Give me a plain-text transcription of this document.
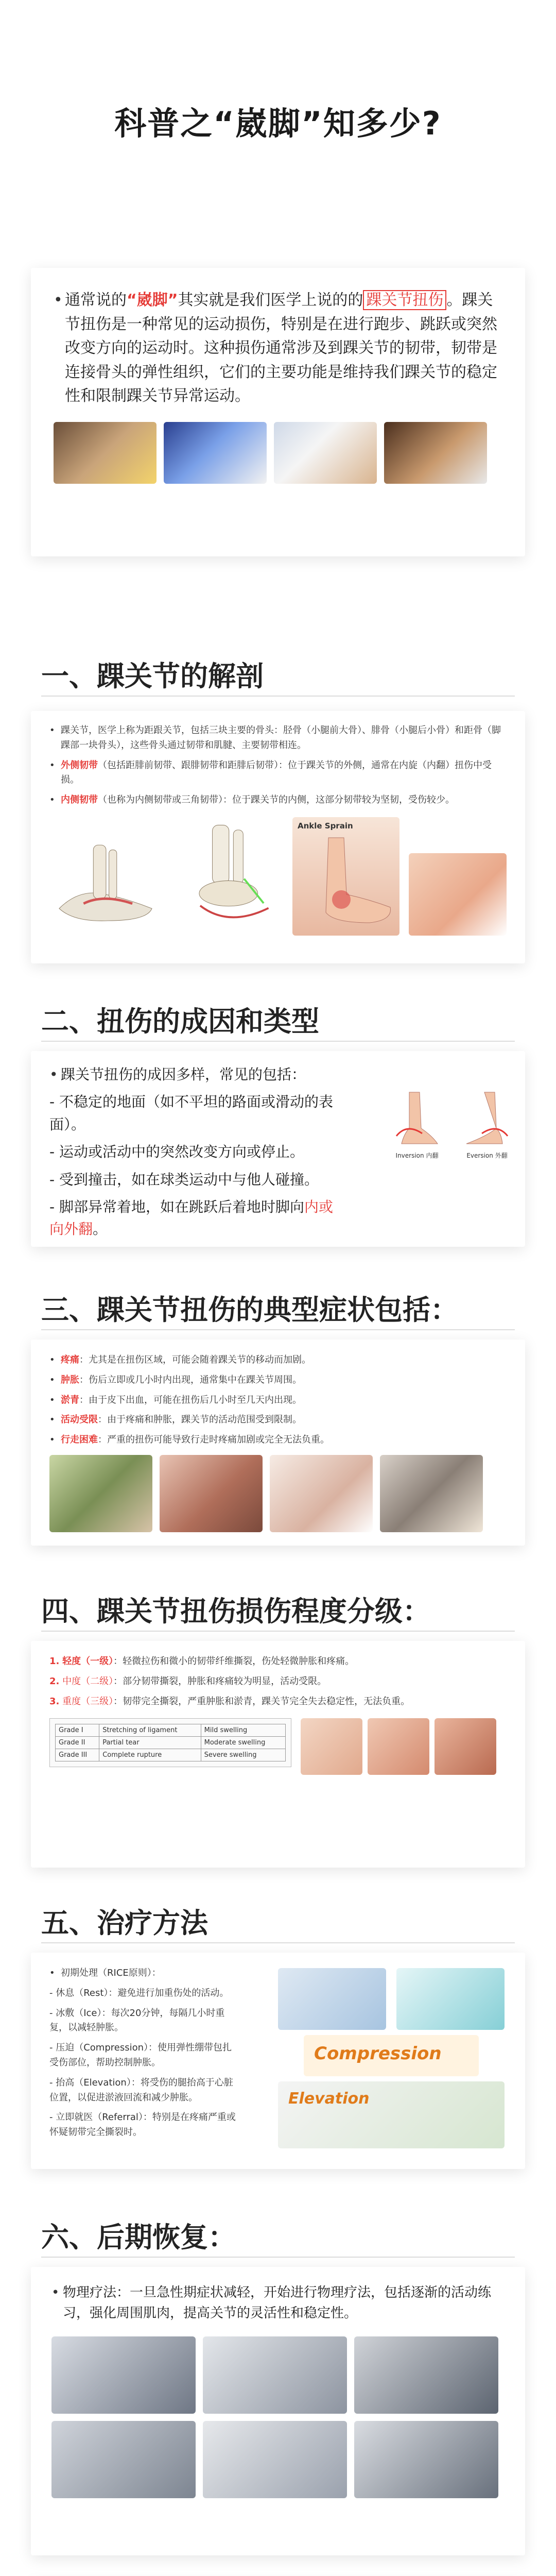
科普之“崴脚”知多少?
• 通常说的“崴脚”其实就是我们医学上说的的 踝关节扭伤 。踝关节扭伤是一种常见的运动损伤，特别是在进行跑步、跳跃或突然改变方向的运动时。这种损伤通常涉及到踝关节的韧带，韧带是连接骨头的弹性组织，它们的主要功能是维持我们踝关节的稳定性和限制踝关节异常运动。
一、踝关节的解剖
• 踝关节，医学上称为距跟关节，包括三块主要的骨头：胫骨（小腿前大骨）、腓骨（小腿后小骨）和距骨（脚踝部一块骨头），这些骨头通过韧带和肌腱、主要韧带相连。
• 外侧韧带（包括距腓前韧带、跟腓韧带和距腓后韧带）：位于踝关节的外侧，通常在内旋（内翻）扭伤中受损。
• 内侧韧带（也称为内侧韧带或三角韧带）：位于踝关节的内侧，这部分韧带较为坚韧，受伤较少。
Ankle Sprain
二、扭伤的成因和类型
• 踝关节扭伤的成因多样，常见的包括：
- 不稳定的地面（如不平坦的路面或滑动的表面）。
- 运动或活动中的突然改变方向或停止。
- 受到撞击，如在球类运动中与他人碰撞。
- 脚部异常着地，如在跳跃后着地时脚向内或向外翻。
Inversion 内翻	Eversion 外翻
三、踝关节扭伤的典型症状包括：
• 疼痛：尤其是在扭伤区域，可能会随着踝关节的移动而加剧。
• 肿胀：伤后立即或几小时内出现，通常集中在踝关节周围。
• 淤青：由于皮下出血，可能在扭伤后几小时至几天内出现。
• 活动受限：由于疼痛和肿胀，踝关节的活动范围受到限制。
• 行走困难：严重的扭伤可能导致行走时疼痛加剧或完全无法负重。
四、踝关节扭伤损伤程度分级：
1. 轻度（一级）：轻微拉伤和微小的韧带纤维撕裂，伤处轻微肿胀和疼痛。
2. 中度（二级）：部分韧带撕裂，肿胀和疼痛较为明显，活动受限。
3. 重度（三级）：韧带完全撕裂，严重肿胀和淤青，踝关节完全失去稳定性，无法负重。
Grade I	Stretching of ligament	Mild swelling
Grade II	Partial tear	Moderate swelling
Grade III	Complete rupture	Severe swelling
五、治疗方法
• 初期处理（RICE原则）：
- 休息（Rest）：避免进行加重伤处的活动。
- 冰敷（Ice）：每次20分钟，每隔几小时重复，以减轻肿胀。
- 压迫（Compression）：使用弹性绷带包扎受伤部位，帮助控制肿胀。
- 抬高（Elevation）：将受伤的腿抬高于心脏位置，以促进淤液回流和减少肿胀。
- 立即就医（Referral）：特别是在疼痛严重或怀疑韧带完全撕裂时。
Compression
Elevation
六、后期恢复：
• 物理疗法：一旦急性期症状减轻，开始进行物理疗法，包括逐渐的活动练习，强化周围肌肉，提高关节的灵活性和稳定性。
